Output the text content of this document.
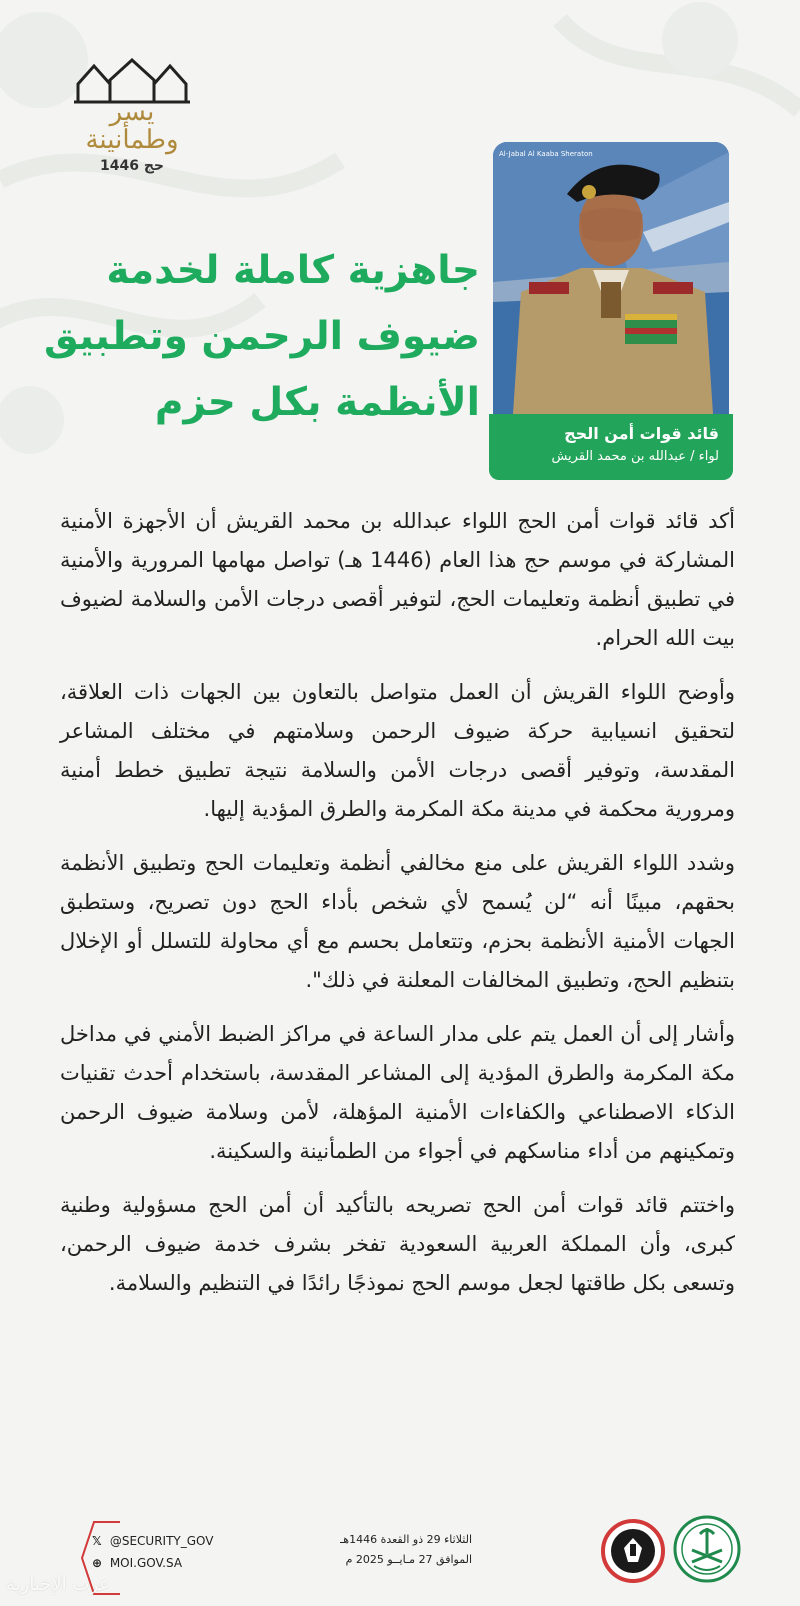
يسر وطمأنينة
حج 1446
جاهزية كاملة لخدمة
ضيوف الرحمن وتطبيق
الأنظمة بكل حزم
Al-Jabal Al Kaaba Sheraton
قائد قوات أمن الحج
لواء / عبدالله بن محمد القريش

أكد قائد قوات أمن الحج اللواء عبدالله بن محمد القريش أن الأجهزة الأمنية المشاركة في موسم حج هذا العام (1446 هـ) تواصل مهامها المرورية والأمنية في تطبيق أنظمة وتعليمات الحج، لتوفير أقصى درجات الأمن والسلامة لضيوف بيت الله الحرام.

وأوضح اللواء القريش أن العمل متواصل بالتعاون بين الجهات ذات العلاقة، لتحقيق انسيابية حركة ضيوف الرحمن وسلامتهم في مختلف المشاعر المقدسة، وتوفير أقصى درجات الأمن والسلامة نتيجة تطبيق خطط أمنية ومرورية محكمة في مدينة مكة المكرمة والطرق المؤدية إليها.

وشدد اللواء القريش على منع مخالفي أنظمة وتعليمات الحج وتطبيق الأنظمة بحقهم، مبينًا أنه “لن يُسمح لأي شخص بأداء الحج دون تصريح، وستطبق الجهات الأمنية الأنظمة بحزم، وتتعامل بحسم مع أي محاولة للتسلل أو الإخلال بتنظيم الحج، وتطبيق المخالفات المعلنة في ذلك".

وأشار إلى أن العمل يتم على مدار الساعة في مراكز الضبط الأمني في مداخل مكة المكرمة والطرق المؤدية إلى المشاعر المقدسة، باستخدام أحدث تقنيات الذكاء الاصطناعي والكفاءات الأمنية المؤهلة، لأمن وسلامة ضيوف الرحمن وتمكينهم من أداء مناسكهم في أجواء من الطمأنينة والسكينة.

واختتم قائد قوات أمن الحج تصريحه بالتأكيد أن أمن الحج مسؤولية وطنية كبرى، وأن المملكة العربية السعودية تفخر بشرف خدمة ضيوف الرحمن، وتسعى بكل طاقتها لجعل موسم الحج نموذجًا رائدًا في التنظيم والسلامة.

𝕏 @SECURITY_GOV
⊕ MOI.GOV.SA
الثلاثاء 29 ذو القعدة 1446هـ
الموافق 27 مـايــو 2025 م
عرب الإخبارية
